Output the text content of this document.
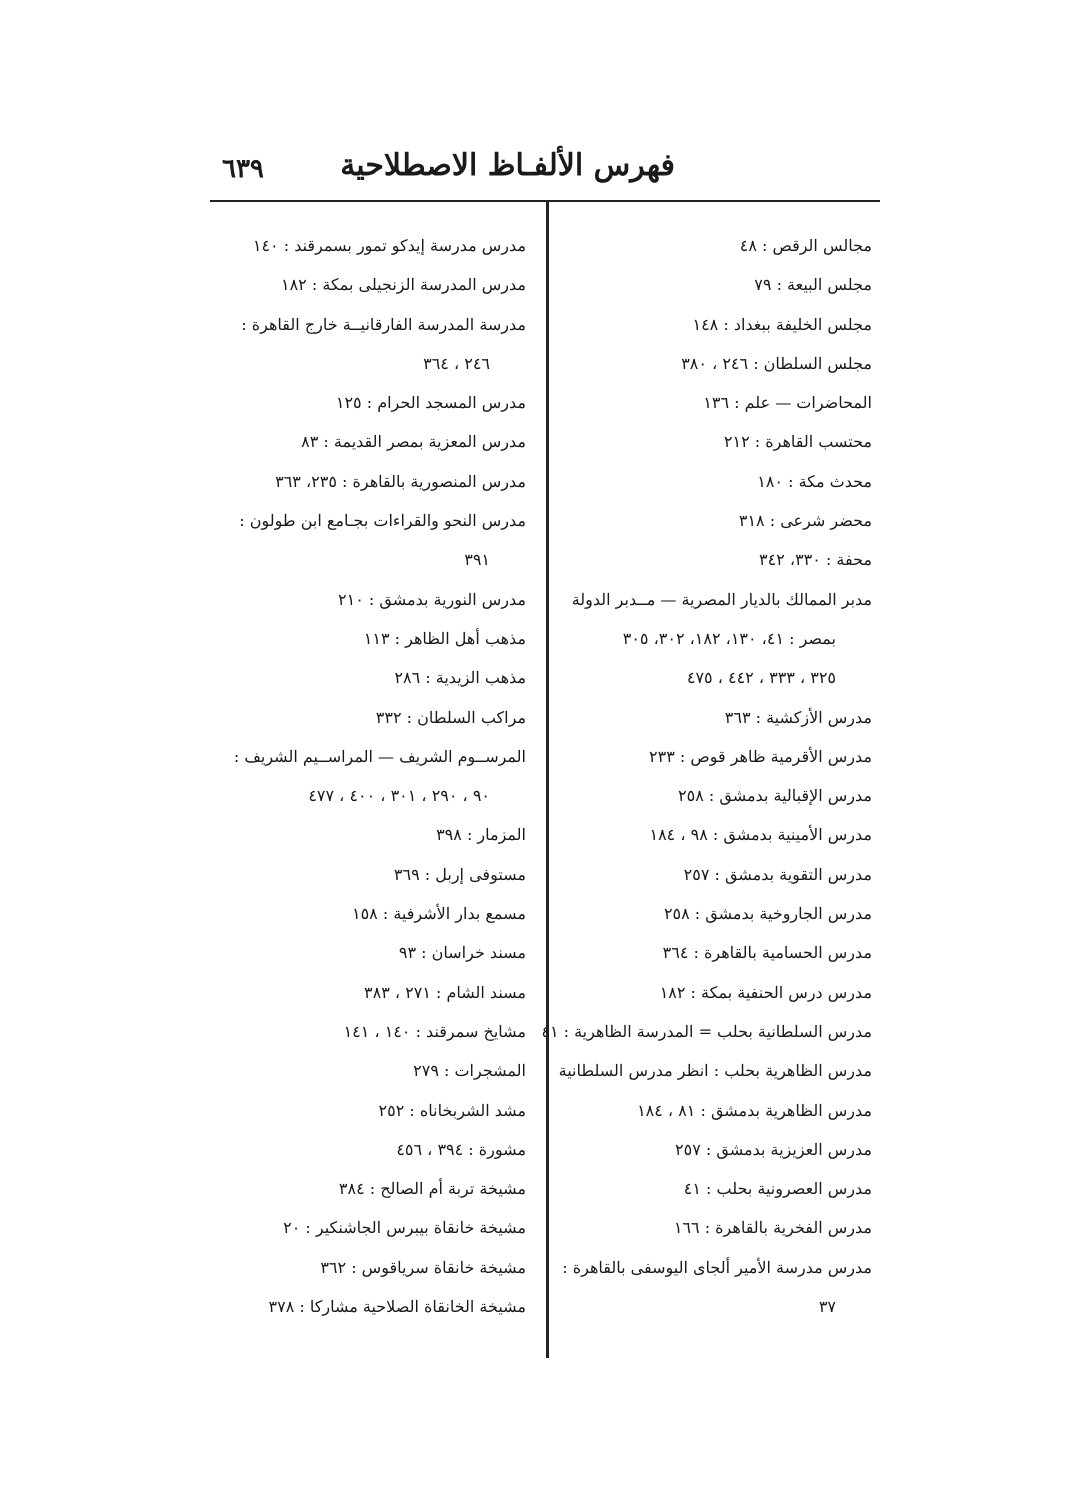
فهرس الألفـاظ الاصطلاحية
٦٣٩
مجالس الرقص : ٤٨
مجلس البيعة : ٧٩
مجلس الخليفة ببغداد : ١٤٨
مجلس السلطان : ٢٤٦ ، ٣٨٠
المحاضرات — علم : ١٣٦
محتسب القاهرة : ٢١٢
محدث مكة : ١٨٠
محضر شرعى : ٣١٨
محفة : ٣٣٠، ٣٤٢
مدبر الممالك بالديار المصرية — مــدبر الدولة
بمصر : ٤١، ١٣٠، ١٨٢، ٣٠٢، ٣٠٥
٣٢٥ ، ٣٣٣ ، ٤٤٢ ، ٤٧٥
مدرس الأزكشية : ٣٦٣
مدرس الأقرمية ظاهر قوص : ٢٣٣
مدرس الإقبالية بدمشق : ٢٥٨
مدرس الأمينية بدمشق : ٩٨ ، ١٨٤
مدرس التقوية بدمشق : ٢٥٧
مدرس الجاروخية بدمشق : ٢٥٨
مدرس الحسامية بالقاهرة : ٣٦٤
مدرس درس الحنفية بمكة : ١٨٢
مدرس السلطانية بحلب = المدرسة الظاهرية : ٤١
مدرس الظاهرية بحلب : انظر مدرس السلطانية
مدرس الظاهرية بدمشق : ٨١ ، ١٨٤
مدرس العزيزية بدمشق : ٢٥٧
مدرس العصرونية بحلب : ٤١
مدرس الفخرية بالقاهرة : ١٦٦
مدرس مدرسة الأمير ألجاى اليوسفى بالقاهرة :
٣٧
مدرس مدرسة إيدكو تمور بسمرقند : ١٤٠
مدرس المدرسة الزنجيلى بمكة : ١٨٢
مدرسة المدرسة الفارقانيــة خارج القاهرة :
٢٤٦ ، ٣٦٤
مدرس المسجد الحرام : ١٢٥
مدرس المعزية بمصر القديمة : ٨٣
مدرس المنصورية بالقاهرة : ٢٣٥، ٣٦٣
مدرس النحو والقراءات بجـامع ابن طولون :
٣٩١
مدرس النورية بدمشق : ٢١٠
مذهب أهل الظاهر : ١١٣
مذهب الزيدية : ٢٨٦
مراكب السلطان : ٣٣٢
المرســوم الشريف — المراســيم الشريف :
٩٠ ، ٢٩٠ ، ٣٠١ ، ٤٠٠ ، ٤٧٧
المزمار : ٣٩٨
مستوفى إربل : ٣٦٩
مسمع بدار الأشرفية : ١٥٨
مسند خراسان : ٩٣
مسند الشام : ٢٧١ ، ٣٨٣
مشايخ سمرقند : ١٤٠ ، ١٤١
المشجرات : ٢٧٩
مشد الشربخاناه : ٢٥٢
مشورة : ٣٩٤ ، ٤٥٦
مشيخة تربة أم الصالح : ٣٨٤
مشيخة خانقاة بيبرس الجاشنكير : ٢٠
مشيخة خانقاة سرياقوس : ٣٦٢
مشيخة الخانقاة الصلاحية مشاركا : ٣٧٨
